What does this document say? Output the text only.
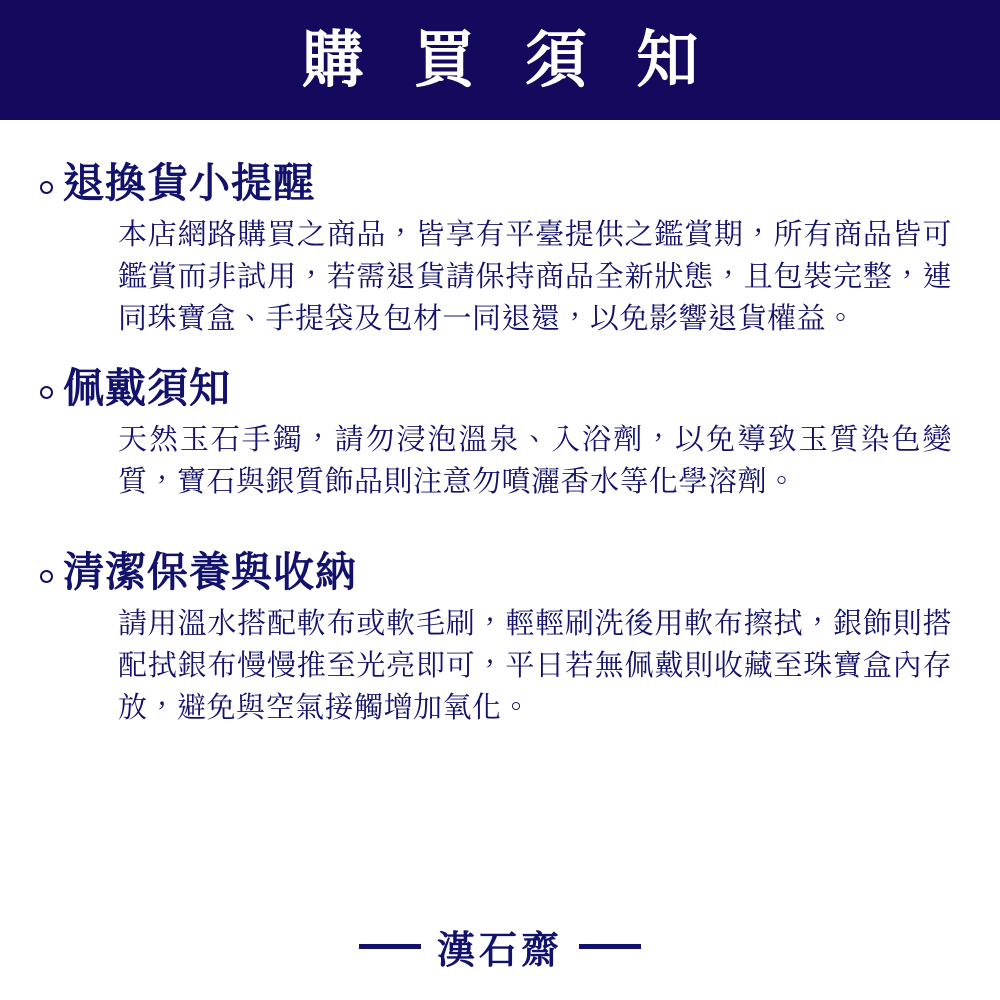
購 買 須 知
退換貨小提醒
本店網路購買之商品，皆享有平臺提供之鑑賞期，所有商品皆可鑑賞而非試用，若需退貨請保持商品全新狀態，且包裝完整，連同珠寶盒、手提袋及包材一同退還，以免影響退貨權益。
佩戴須知
天然玉石手鐲，請勿浸泡溫泉、入浴劑，以免導致玉質染色變質，寶石與銀質飾品則注意勿噴灑香水等化學溶劑。
清潔保養與收納
請用溫水搭配軟布或軟毛刷，輕輕刷洗後用軟布擦拭，銀飾則搭配拭銀布慢慢推至光亮即可，平日若無佩戴則收藏至珠寶盒內存放，避免與空氣接觸增加氧化。
漢石齋
